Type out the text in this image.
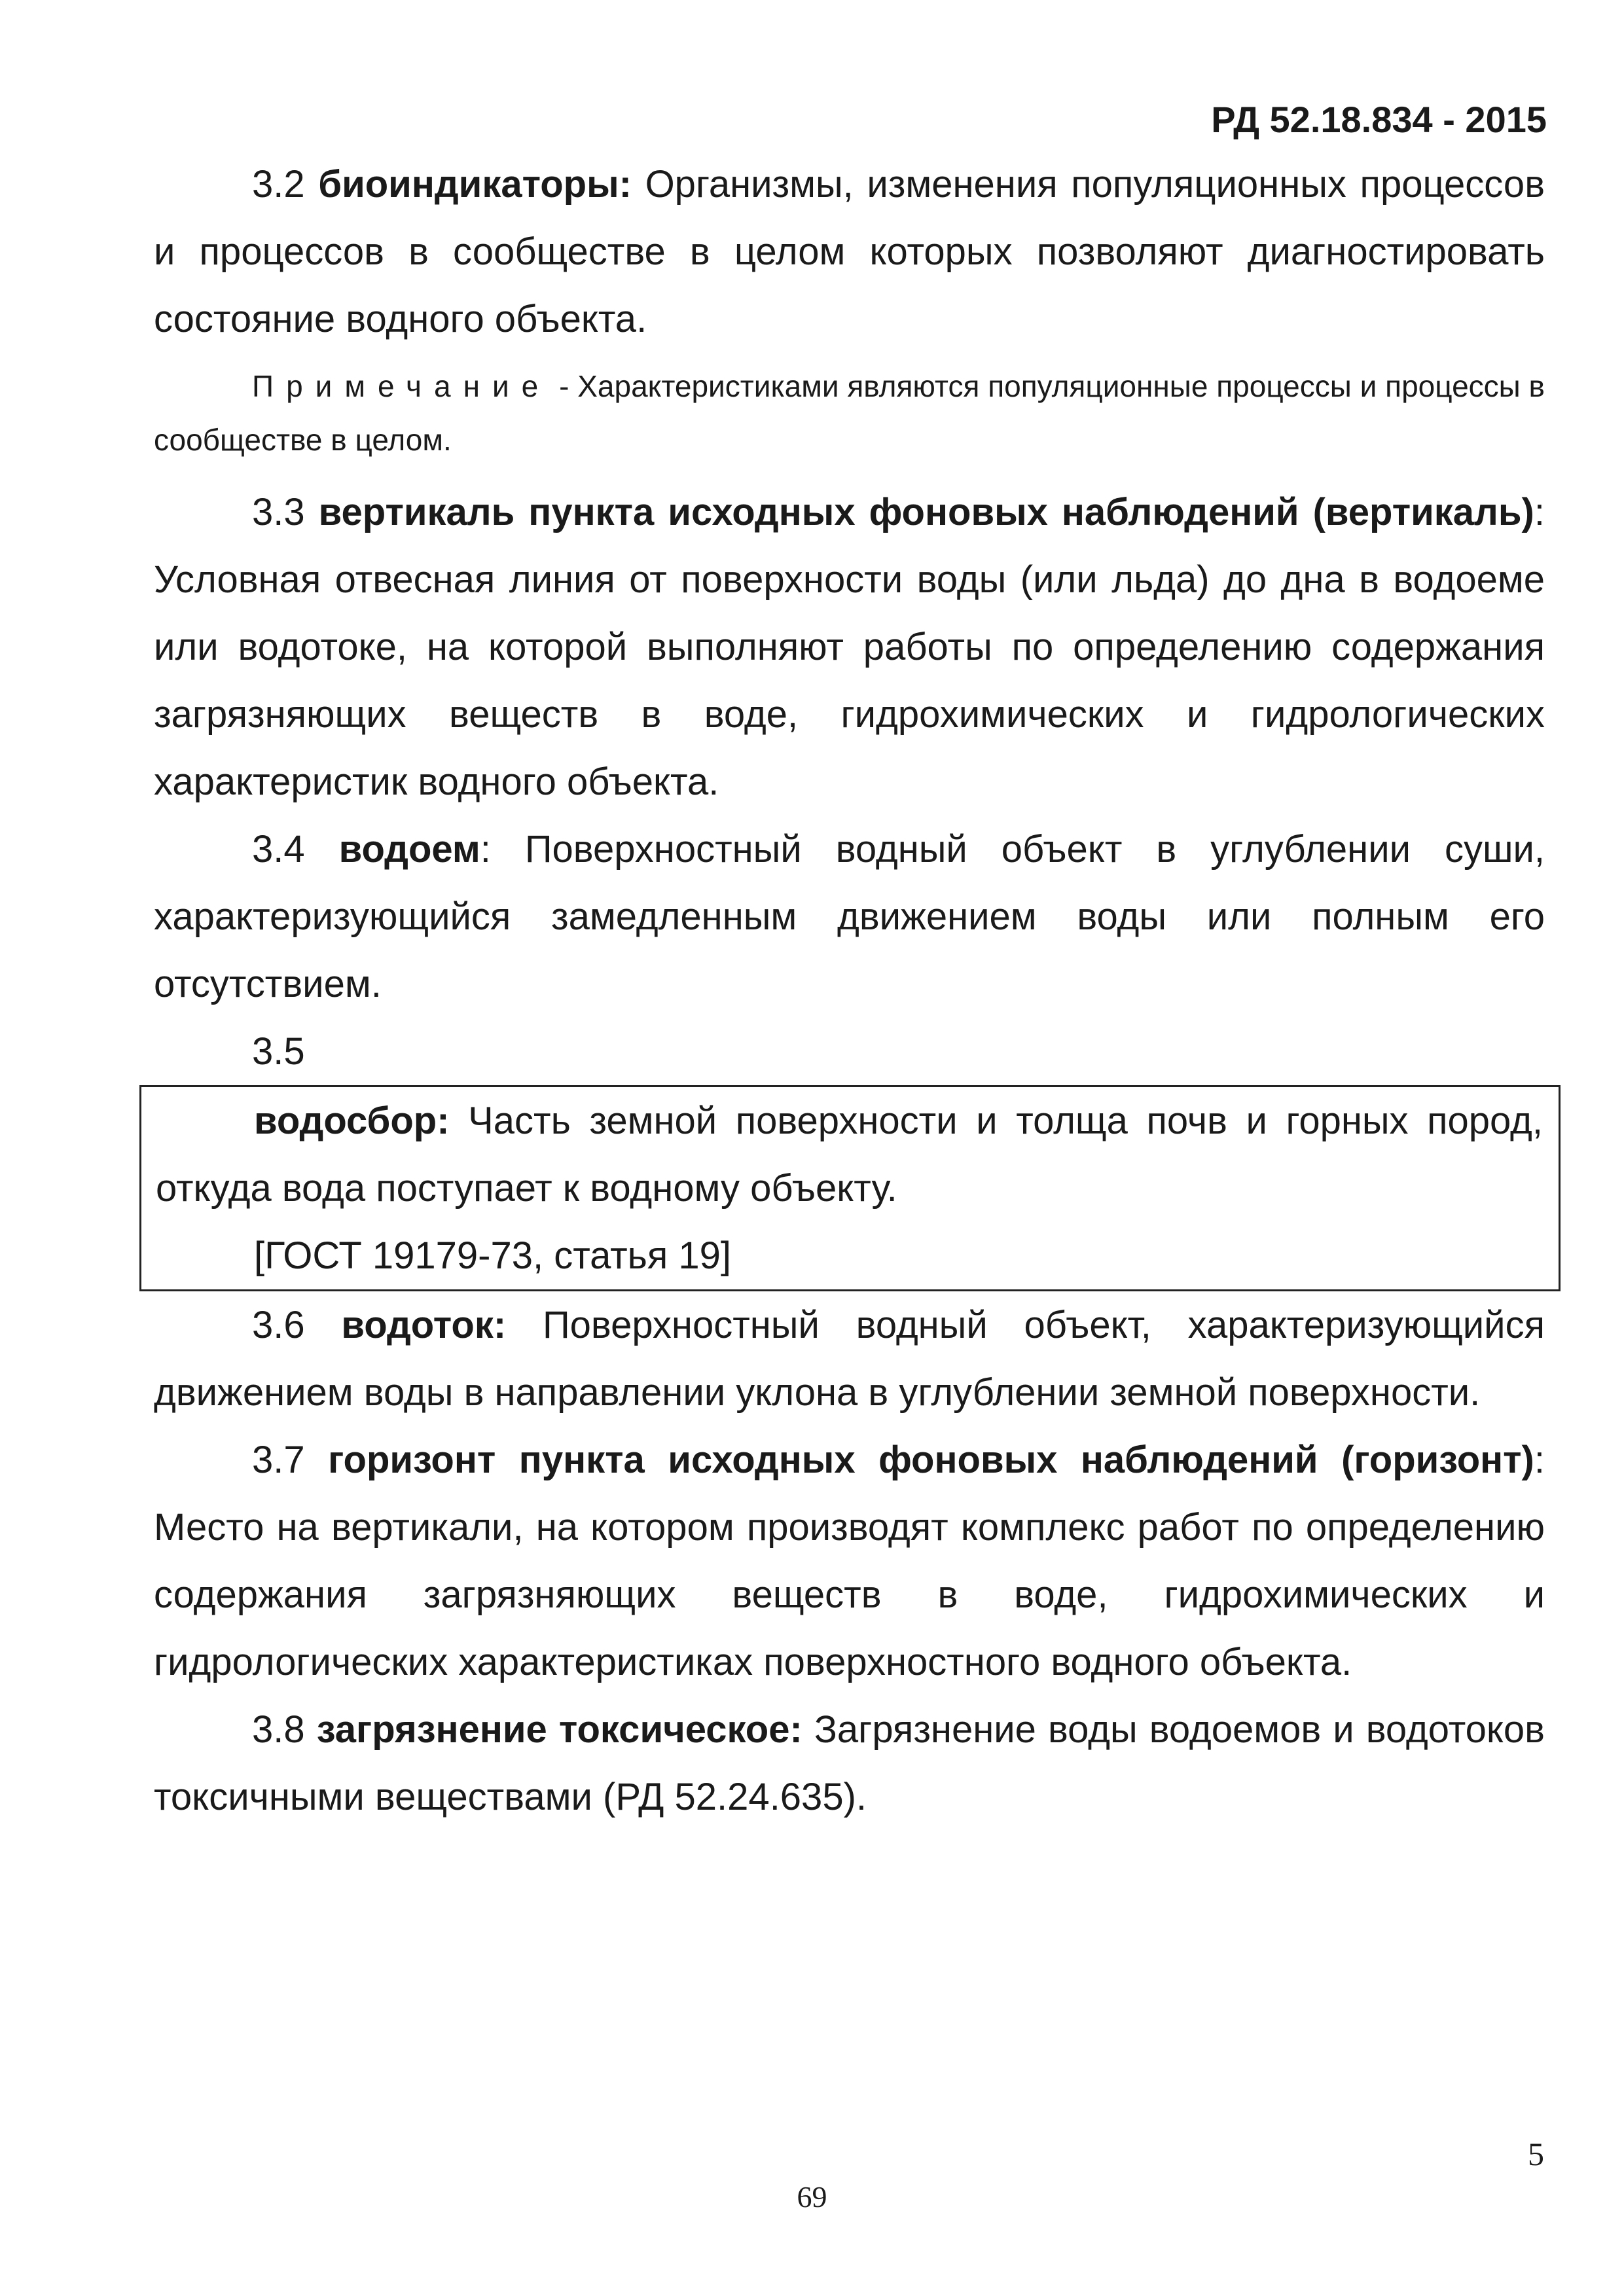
РД 52.18.834 - 2015

3.2 биоиндикаторы: Организмы, изменения популяционных процессов и процессов в сообществе в целом которых позволяют диагностировать состояние водного объекта.

Примечание - Характеристиками являются популяционные процессы и процессы в сообществе в целом.

3.3 вертикаль пункта исходных фоновых наблюдений (вертикаль): Условная отвесная линия от поверхности воды (или льда) до дна в водоеме или водотоке, на которой выполняют работы по определению содержания загрязняющих веществ в воде, гидрохимических и гидрологических характеристик водного объекта.

3.4 водоем: Поверхностный водный объект в углублении суши, характеризующийся замедленным движением воды или полным его отсутствием.

3.5

водосбор: Часть земной поверхности и толща почв и горных пород, откуда вода поступает к водному объекту.

[ГОСТ 19179-73, статья 19]

3.6 водоток: Поверхностный водный объект, характеризующийся движением воды в направлении уклона в углублении земной поверхности.

3.7 горизонт пункта исходных фоновых наблюдений (горизонт): Место на вертикали, на котором производят комплекс работ по определению содержания загрязняющих веществ в воде, гидрохимических и гидрологических характеристиках поверхностного водного объекта.

3.8 загрязнение токсическое: Загрязнение воды водоемов и водотоков токсичными веществами (РД 52.24.635).

5
69
